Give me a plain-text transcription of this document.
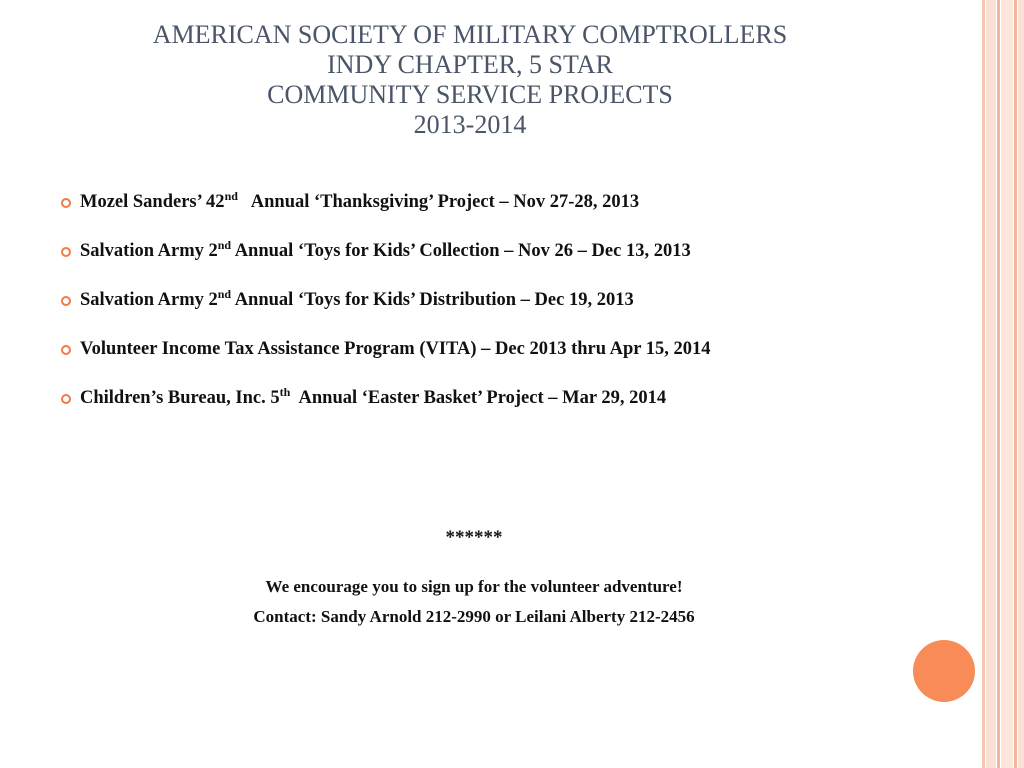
AMERICAN SOCIETY OF MILITARY COMPTROLLERS
INDY CHAPTER, 5 STAR
COMMUNITY SERVICE PROJECTS
2013-2014
Mozel Sanders’ 42nd   Annual ‘Thanksgiving’ Project – Nov 27-28, 2013
Salvation Army 2nd Annual ‘Toys for Kids’ Collection – Nov 26 – Dec 13, 2013
Salvation Army 2nd Annual ‘Toys for Kids’ Distribution – Dec 19, 2013
Volunteer Income Tax Assistance Program (VITA) – Dec 2013 thru Apr 15, 2014
Children’s Bureau, Inc. 5th  Annual ‘Easter Basket’ Project – Mar 29, 2014
******
We encourage you to sign up for the volunteer adventure!
Contact: Sandy Arnold 212-2990 or Leilani Alberty 212-2456
